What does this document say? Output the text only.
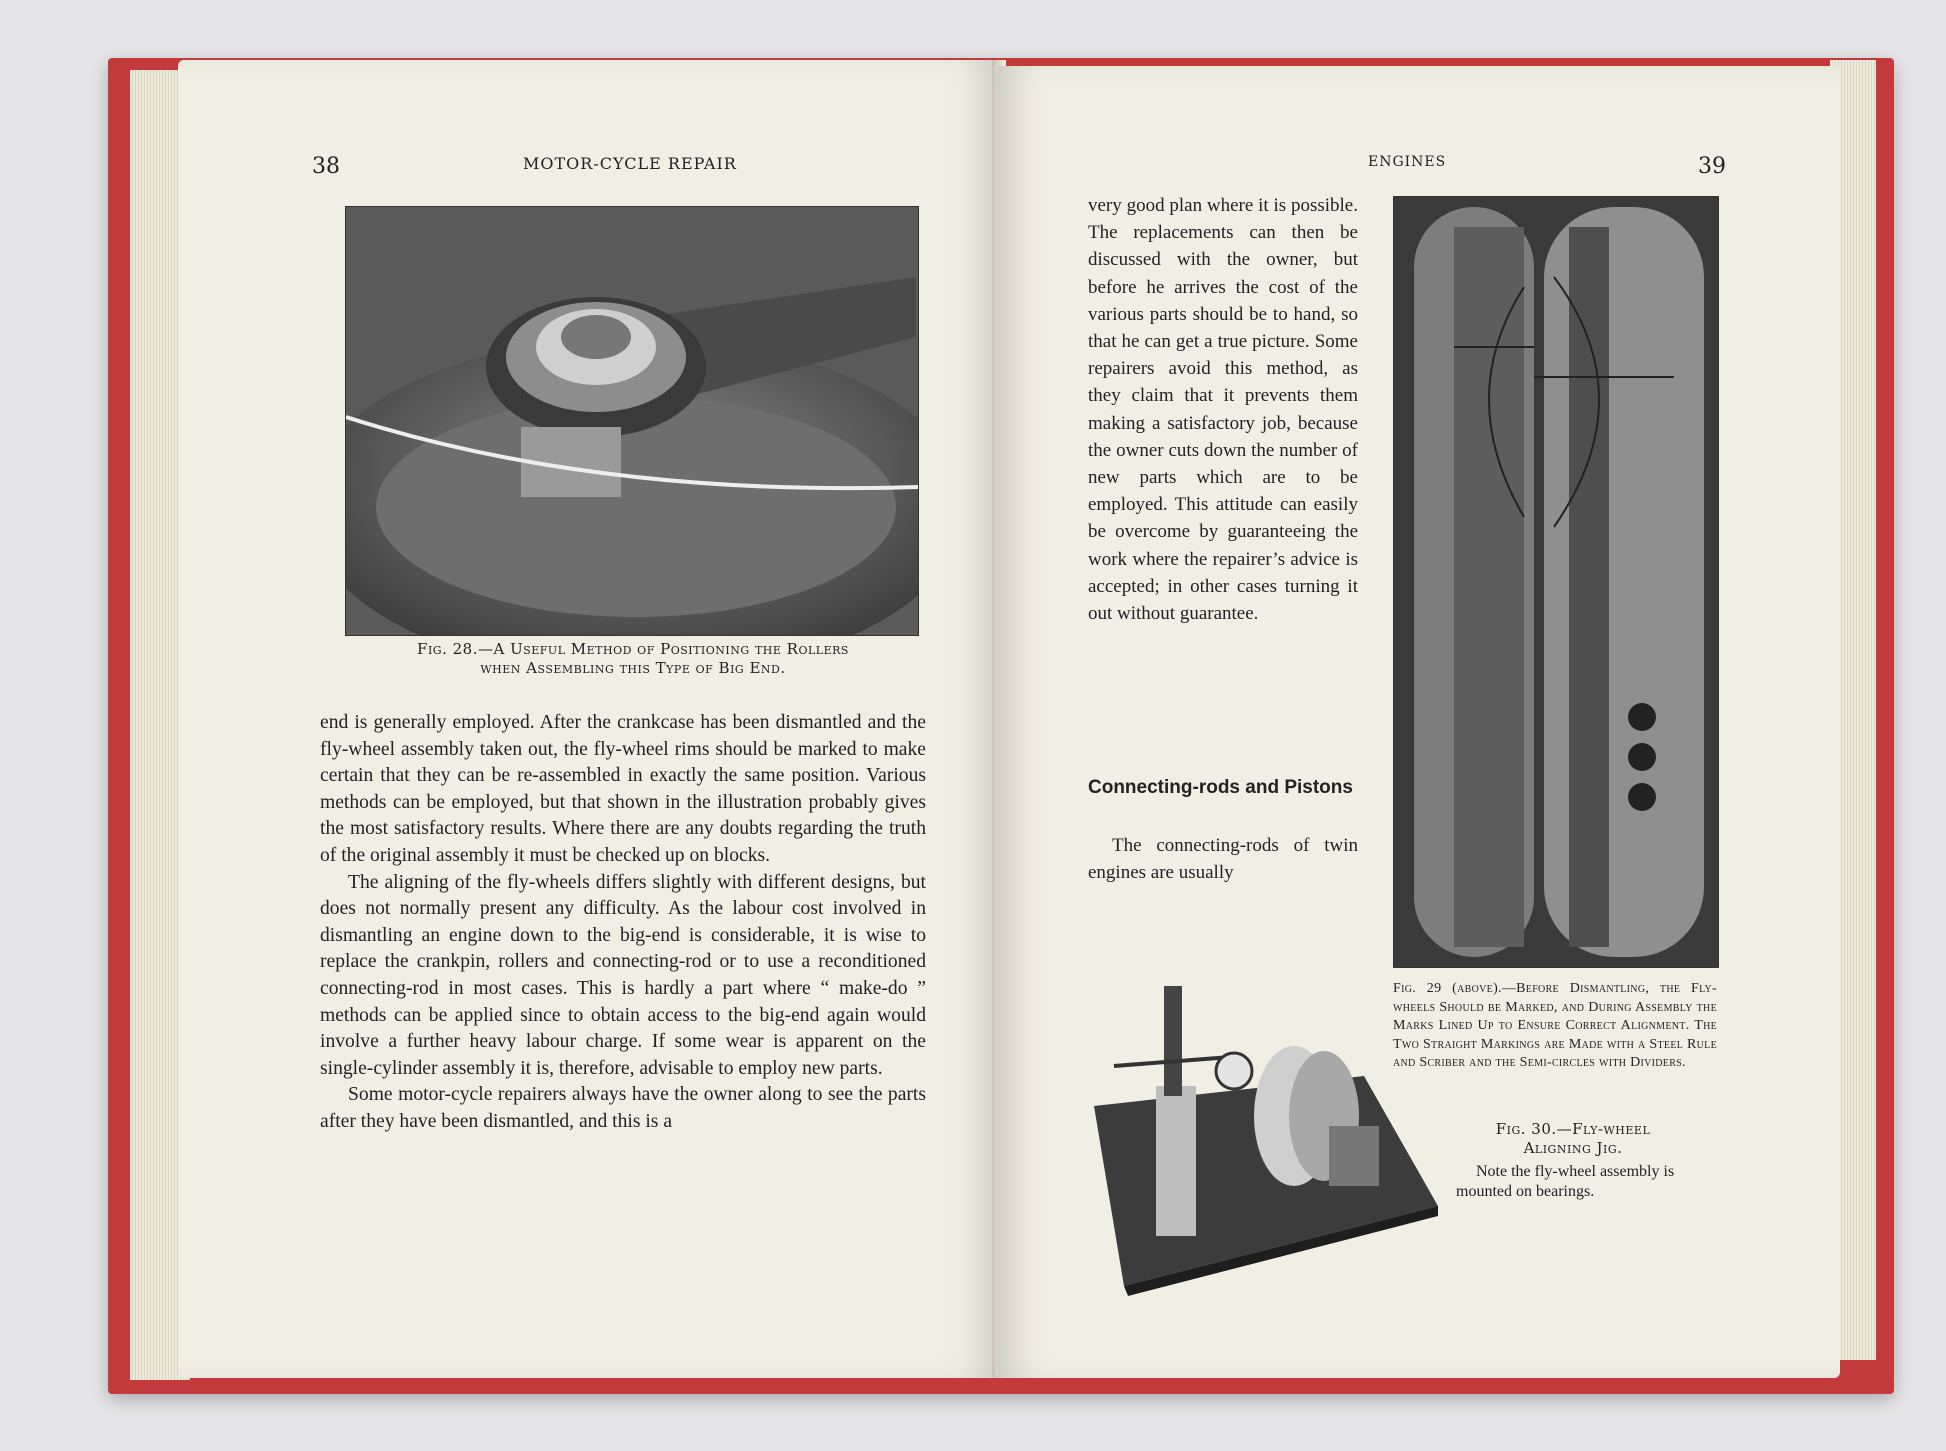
38	MOTOR-CYCLE REPAIR
Fig. 28.—A Useful Method of Positioning the Rollers
when Assembling this Type of Big End.

end is generally employed. After the crankcase has been dismantled and the fly-wheel assembly taken out, the fly-wheel rims should be marked to make certain that they can be re-assembled in exactly the same position. Various methods can be employed, but that shown in the illustration probably gives the most satisfactory results. Where there are any doubts regarding the truth of the original assembly it must be checked up on blocks.

The aligning of the fly-wheels differs slightly with different designs, but does not normally present any difficulty. As the labour cost involved in dismantling an engine down to the big-end is considerable, it is wise to replace the crankpin, rollers and connecting-rod or to use a reconditioned connecting-rod in most cases. This is hardly a part where “ make-do ” methods can be applied since to obtain access to the big-end again would involve a further heavy labour charge. If some wear is apparent on the single-cylinder assembly it is, therefore, advisable to employ new parts.

Some motor-cycle repairers always have the owner along to see the parts after they have been dismantled, and this is a

ENGINES	39
very good plan where it is possible. The replacements can then be discussed with the owner, but before he arrives the cost of the various parts should be to hand, so that he can get a true picture. Some repairers avoid this method, as they claim that it prevents them making a satisfactory job, because the owner cuts down the number of new parts which are to be employed. This attitude can easily be overcome by guaranteeing the work where the repairer’s advice is accepted; in other cases turning it out without guarantee.
Connecting-rods and Pistons
The connecting-rods of twin engines are usually
Fig. 29 (above).—Before Dismantling, the Fly-wheels Should be Marked, and During Assembly the Marks Lined Up to Ensure Correct Alignment. The Two Straight Markings are Made with a Steel Rule and Scriber and the Semi-circles with Dividers.
Fig. 30.—Fly-wheel
Aligning Jig.
Note the fly-wheel assembly is mounted on bearings.
